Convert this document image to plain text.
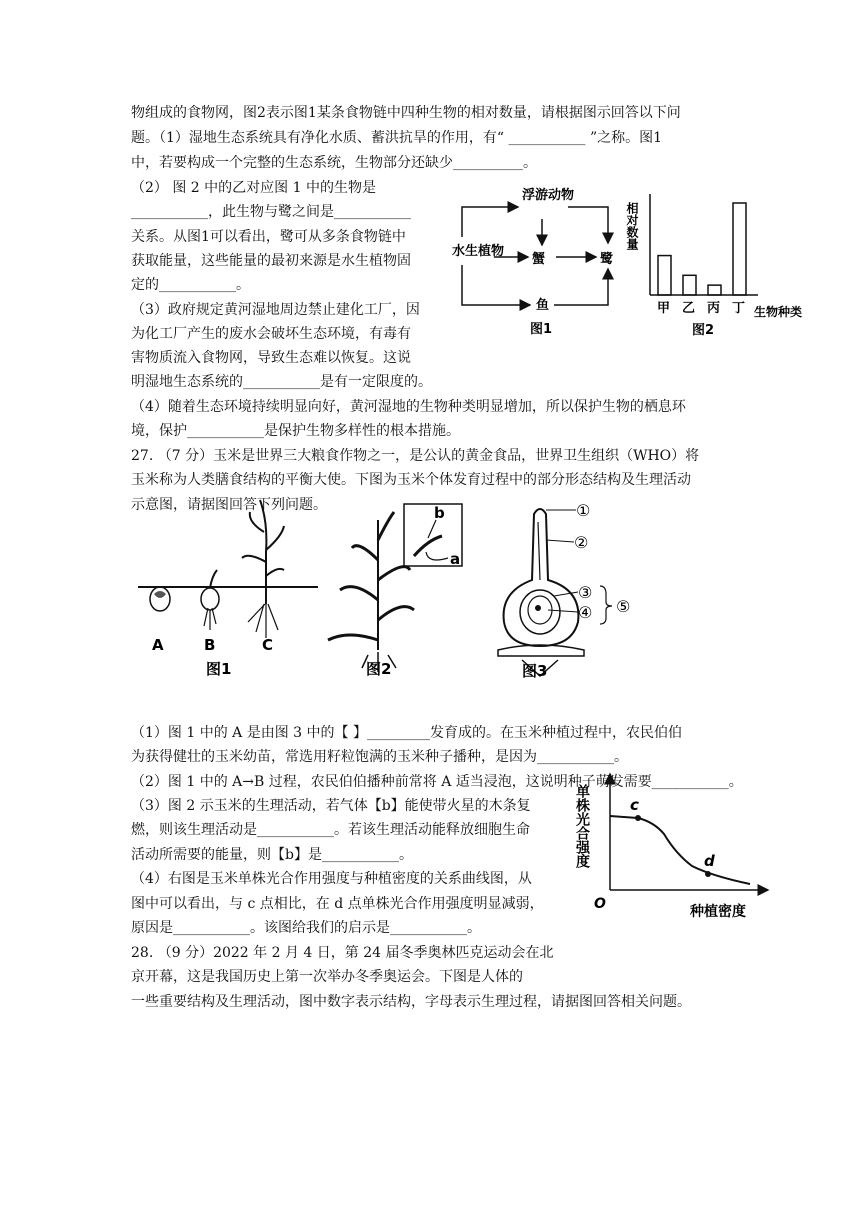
物组成的食物网，图2表示图1某条食物链中四种生物的相对数量，请根据图示回答以下问
题。（1）湿地生态系统具有净化水质、蓄洪抗旱的作用，有“ ___________ ”之称。图1
中，若要构成一个完整的生态系统，生物部分还缺少__________。
（2） 图 2 中的乙对应图 1 中的生物是
___________，此生物与鹭之间是___________
关系。从图1可以看出，鹭可从多条食物链中
获取能量，这些能量的最初来源是水生植物固
定的___________。
（3）政府规定黄河湿地周边禁止建化工厂，因
为化工厂产生的废水会破坏生态环境，有毒有
害物质流入食物网，导致生态难以恢复。这说
明湿地生态系统的___________是有一定限度的。
（4）随着生态环境持续明显向好，黄河湿地的生物种类明显增加，所以保护生物的栖息环
境，保护___________是保护生物多样性的根本措施。
27. （7 分）玉米是世界三大粮食作物之一，是公认的黄金食品，世界卫生组织（WHO）将
玉米称为人类膳食结构的平衡大使。下图为玉米个体发育过程中的部分形态结构及生理活动
示意图，请据图回答下列问题。
（1）图 1 中的 A 是由图 3 中的【 】_________发育成的。在玉米种植过程中，农民伯伯
为获得健壮的玉米幼苗，常选用籽粒饱满的玉米种子播种，是因为___________。
（2）图 1 中的 A→B 过程，农民伯伯播种前常将 A 适当浸泡，这说明种子萌发需要___________。
（3）图 2 示玉米的生理活动，若气体【b】能使带火星的木条复
燃，则该生理活动是___________。若该生理活动能释放细胞生命
活动所需要的能量，则【b】是___________。
（4）右图是玉米单株光合作用强度与种植密度的关系曲线图，从
图中可以看出，与 c 点相比，在 d 点单株光合作用强度明显减弱，
原因是___________。该图给我们的启示是___________。
28. （9 分）2022 年 2 月 4 日，第 24 届冬季奥林匹克运动会在北
京开幕，这是我国历史上第一次举办冬季奥运会。下图是人体的
一些重要结构及生理活动，图中数字表示结构，字母表示生理过程，请据图回答相关问题。
水生植物
浮游动物
蟹	鹭
鱼
图1
相对数量
甲 乙 丙 丁 生物种类
图2
A	B	C
图1
b
a
图2
①
②
③
④ ⑤
图3
单株光合强度	c
d
O	种植密度
